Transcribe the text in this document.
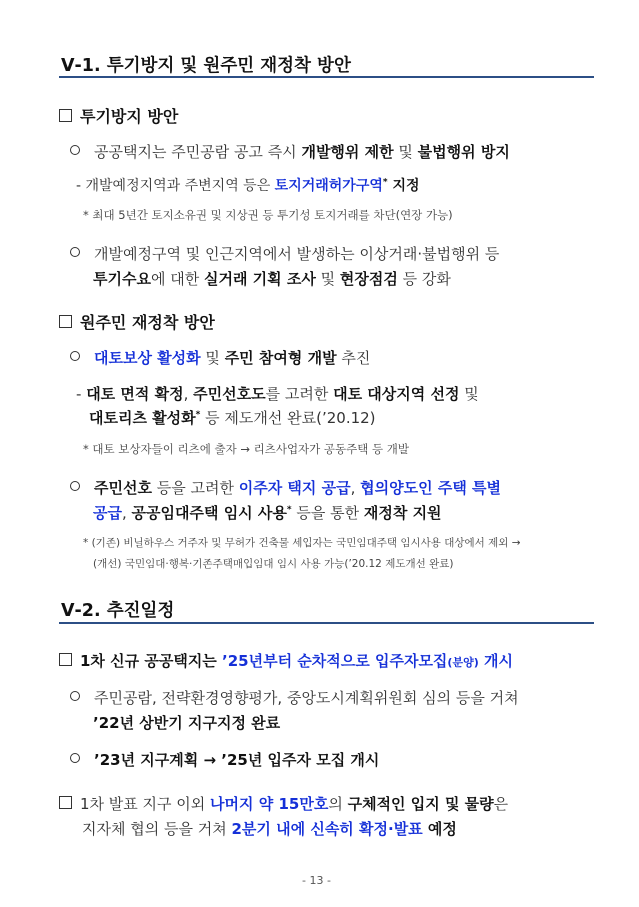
Ⅴ-1. 투기방지 및 원주민 재정착 방안
투기방지 방안
공공택지는 주민공람 공고 즉시 개발행위 제한 및 불법행위 방지
- 개발예정지역과 주변지역 등은 토지거래허가구역* 지정
* 최대 5년간 토지소유권 및 지상권 등 투기성 토지거래를 차단(연장 가능)
개발예정구역 및 인근지역에서 발생하는 이상거래·불법행위 등
투기수요에 대한 실거래 기획 조사 및 현장점검 등 강화
원주민 재정착 방안
대토보상 활성화 및 주민 참여형 개발 추진
- 대토 면적 확정, 주민선호도를 고려한 대토 대상지역 선정 및
대토리츠 활성화* 등 제도개선 완료(’20.12)
* 대토 보상자들이 리츠에 출자 → 리츠사업자가 공동주택 등 개발
주민선호 등을 고려한 이주자 택지 공급, 협의양도인 주택 특별
공급, 공공임대주택 임시 사용* 등을 통한 재정착 지원
* (기존) 비닐하우스 거주자 및 무허가 건축물 세입자는 국민임대주택 임시사용 대상에서 제외 →
(개선) 국민임대·행복·기존주택매입임대 임시 사용 가능(’20.12 제도개선 완료)
Ⅴ-2. 추진일정
1차 신규 공공택지는 ’25년부터 순차적으로 입주자모집(분양) 개시
주민공람, 전략환경영향평가, 중앙도시계획위원회 심의 등을 거쳐
’22년 상반기 지구지정 완료
’23년 지구계획 → ’25년 입주자 모집 개시
1차 발표 지구 이외 나머지 약 15만호의 구체적인 입지 및 물량은
지자체 협의 등을 거쳐 2분기 내에 신속히 확정·발표 예정
- 13 -
